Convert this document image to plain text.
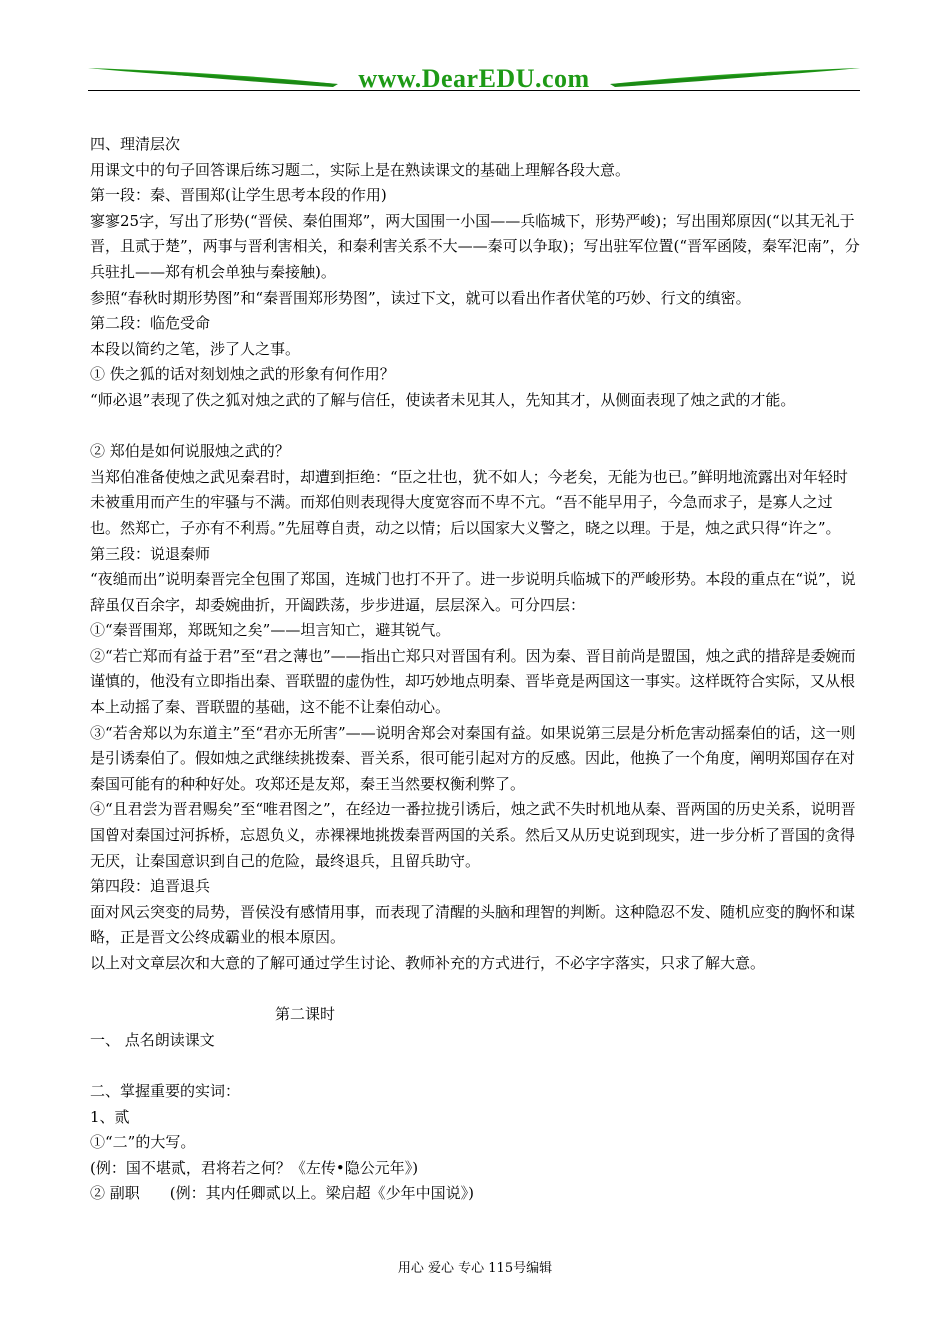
www.DearEDU.com

四、理清层次

用课文中的句子回答课后练习题二，实际上是在熟读课文的基础上理解各段大意。

第一段：秦、晋围郑(让学生思考本段的作用)

寥寥25字，写出了形势(“晋侯、秦伯围郑”，两大国围一小国——兵临城下，形势严峻)；写出围郑原因(“以其无礼于晋，且贰于楚”，两事与晋利害相关，和秦利害关系不大——秦可以争取)；写出驻军位置(“晋军函陵，秦军汜南”，分兵驻扎——郑有机会单独与秦接触)。

参照“春秋时期形势图”和“秦晋围郑形势图”，读过下文，就可以看出作者伏笔的巧妙、行文的缜密。

第二段：临危受命

本段以简约之笔，涉了人之事。

① 佚之狐的话对刻划烛之武的形象有何作用？

“师必退”表现了佚之狐对烛之武的了解与信任，使读者未见其人，先知其才，从侧面表现了烛之武的才能。

② 郑伯是如何说服烛之武的？

当郑伯准备使烛之武见秦君时，却遭到拒绝：“臣之壮也，犹不如人；今老矣，无能为也已。”鲜明地流露出对年轻时未被重用而产生的牢骚与不满。而郑伯则表现得大度宽容而不卑不亢。“吾不能早用子，今急而求子，是寡人之过也。然郑亡，子亦有不利焉。”先屈尊自责，动之以情；后以国家大义警之，晓之以理。于是，烛之武只得“许之”。

第三段：说退秦师

“夜缒而出”说明秦晋完全包围了郑国，连城门也打不开了。进一步说明兵临城下的严峻形势。本段的重点在“说”，说辞虽仅百余字，却委婉曲折，开阖跌荡，步步进逼，层层深入。可分四层：

①“秦晋围郑，郑既知之矣”——坦言知亡，避其锐气。

②“若亡郑而有益于君”至“君之薄也”——指出亡郑只对晋国有利。因为秦、晋目前尚是盟国，烛之武的措辞是委婉而谨慎的，他没有立即指出秦、晋联盟的虚伪性，却巧妙地点明秦、晋毕竟是两国这一事实。这样既符合实际，又从根本上动摇了秦、晋联盟的基础，这不能不让秦伯动心。

③“若舍郑以为东道主”至“君亦无所害”——说明舍郑会对秦国有益。如果说第三层是分析危害动摇秦伯的话，这一则是引诱秦伯了。假如烛之武继续挑拨秦、晋关系，很可能引起对方的反感。因此，他换了一个角度，阐明郑国存在对秦国可能有的种种好处。攻郑还是友郑，秦王当然要权衡利弊了。

④“且君尝为晋君赐矣”至“唯君图之”，在经边一番拉拢引诱后，烛之武不失时机地从秦、晋两国的历史关系，说明晋国曾对秦国过河拆桥，忘恩负义，赤裸裸地挑拨秦晋两国的关系。然后又从历史说到现实，进一步分析了晋国的贪得无厌，让秦国意识到自己的危险，最终退兵，且留兵助守。

第四段：追晋退兵

面对风云突变的局势，晋侯没有感情用事，而表现了清醒的头脑和理智的判断。这种隐忍不发、随机应变的胸怀和谋略，正是晋文公终成霸业的根本原因。

以上对文章层次和大意的了解可通过学生讨论、教师补充的方式进行，不必字字落实，只求了解大意。

第二课时

一、 点名朗读课文

二、掌握重要的实词：

1、贰

①“二”的大写。

(例：国不堪贰，君将若之何？《左传•隐公元年》)

② 副职　　(例：其内任卿贰以上。梁启超《少年中国说》)

用心 爱心 专心 115号编辑
